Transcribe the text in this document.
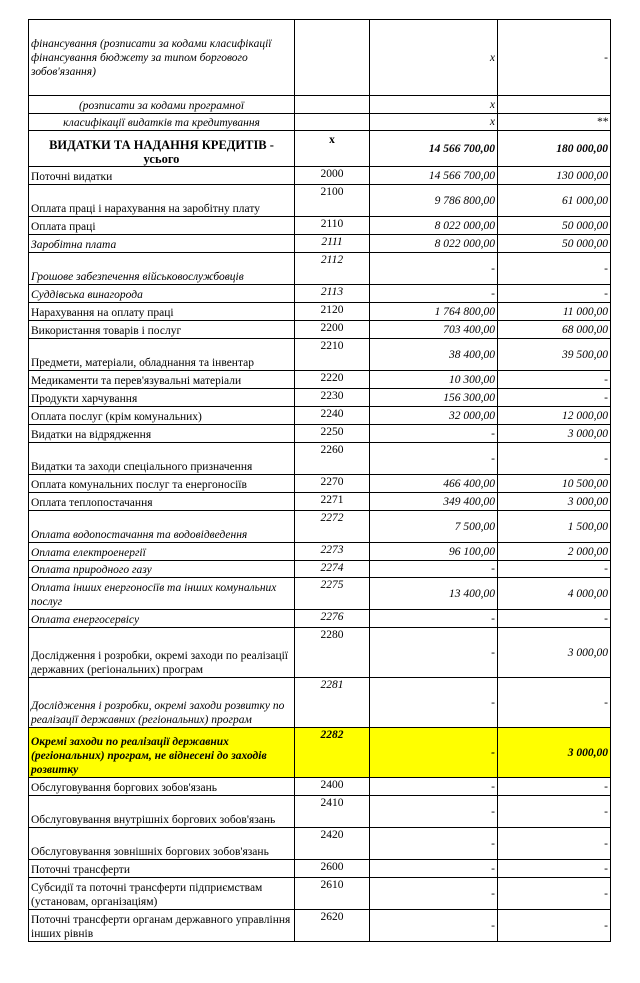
фінансування (розписати за кодами класифікації фінансування бюджету за типом боргового зобов'язання)		x	-
(розписати за кодами програмної		x	
класифікації видатків та кредитування		x	**
ВИДАТКИ ТА НАДАННЯ КРЕДИТІВ - усього	x	14 566 700,00	180 000,00
Поточні видатки	2000	14 566 700,00	130 000,00
Оплата праці і нарахування на заробітну плату	2100	9 786 800,00	61 000,00
Оплата праці	2110	8 022 000,00	50 000,00
Заробітна плата	2111	8 022 000,00	50 000,00
Грошове забезпечення військовослужбовців	2112	-	-
Суддівська винагорода	2113	-	-
Нарахування на оплату праці	2120	1 764 800,00	11 000,00
Використання товарів і послуг	2200	703 400,00	68 000,00
Предмети, матеріали, обладнання та інвентар	2210	38 400,00	39 500,00
Медикаменти та перев'язувальні матеріали	2220	10 300,00	-
Продукти харчування	2230	156 300,00	-
Оплата послуг (крім комунальних)	2240	32 000,00	12 000,00
Видатки на відрядження	2250	-	3 000,00
Видатки та заходи спеціального призначення	2260	-	-
Оплата комунальних послуг та енергоносіїв	2270	466 400,00	10 500,00
Оплата теплопостачання	2271	349 400,00	3 000,00
Оплата водопостачання та водовідведення	2272	7 500,00	1 500,00
Оплата електроенергії	2273	96 100,00	2 000,00
Оплата природного газу	2274	-	-
Оплата інших енергоносіїв та інших комунальних послуг	2275	13 400,00	4 000,00
Оплата енергосервісу	2276	-	-
Дослідження і розробки, окремі заходи по реалізації державних (регіональних) програм	2280	-	3 000,00
Дослідження і розробки, окремі заходи розвитку по реалізації державних (регіональних) програм	2281	-	-
Окремі заходи по реалізації державних (регіональних) програм, не віднесені до заходів розвитку	2282	-	3 000,00
Обслуговування боргових зобов'язань	2400	-	-
Обслуговування внутрішніх боргових зобов'язань	2410	-	-
Обслуговування зовнішніх боргових зобов'язань	2420	-	-
Поточні трансферти	2600	-	-
Субсидії та поточні трансферти підприємствам (установам, організаціям)	2610	-	-
Поточні трансферти органам державного управління інших рівнів	2620	-	-
